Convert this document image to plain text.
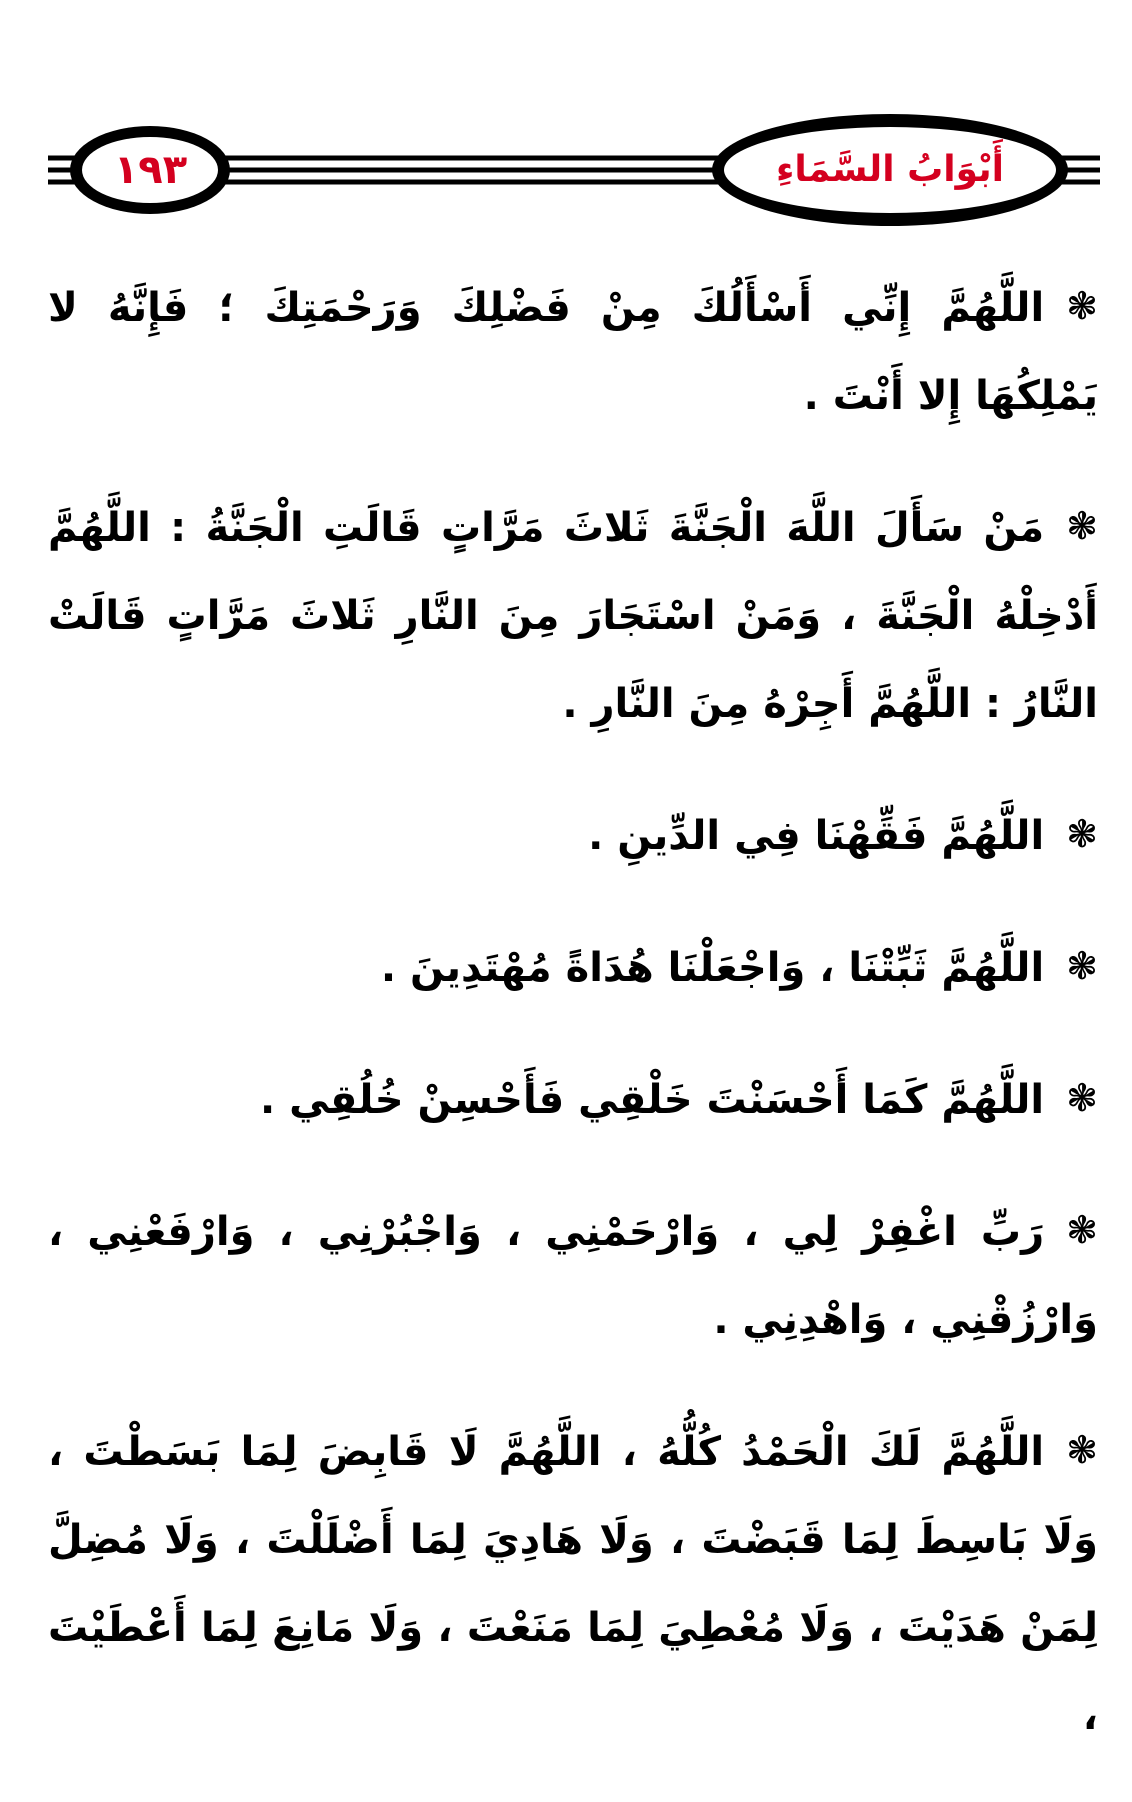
١٩٣	أَبْوَابُ السَّمَاءِ

❃اللَّهُمَّ إِنِّي أَسْأَلُكَ مِنْ فَضْلِكَ وَرَحْمَتِكَ ؛ فَإِنَّهُ لا يَمْلِكُهَا إِلا أَنْتَ .

❃مَنْ سَأَلَ اللَّهَ الْجَنَّةَ ثَلاثَ مَرَّاتٍ قَالَتِ الْجَنَّةُ : اللَّهُمَّ أَدْخِلْهُ الْجَنَّةَ ، وَمَنْ اسْتَجَارَ مِنَ النَّارِ ثَلاثَ مَرَّاتٍ قَالَتْ النَّارُ : اللَّهُمَّ أَجِرْهُ مِنَ النَّارِ .

❃اللَّهُمَّ فَقِّهْنَا فِي الدِّينِ .

❃اللَّهُمَّ ثَبِّتْنَا ، وَاجْعَلْنَا هُدَاةً مُهْتَدِينَ .

❃اللَّهُمَّ كَمَا أَحْسَنْتَ خَلْقِي فَأَحْسِنْ خُلُقِي .

❃رَبِّ اغْفِرْ لِي ، وَارْحَمْنِي ، وَاجْبُرْنِي ، وَارْفَعْنِي ، وَارْزُقْنِي ، وَاهْدِنِي .

❃اللَّهُمَّ لَكَ الْحَمْدُ كُلُّهُ ، اللَّهُمَّ لَا قَابِضَ لِمَا بَسَطْتَ ، وَلَا بَاسِطَ لِمَا قَبَضْتَ ، وَلَا هَادِيَ لِمَا أَضْلَلْتَ ، وَلَا مُضِلَّ لِمَنْ هَدَيْتَ ، وَلَا مُعْطِيَ لِمَا مَنَعْتَ ، وَلَا مَانِعَ لِمَا أَعْطَيْتَ ،
